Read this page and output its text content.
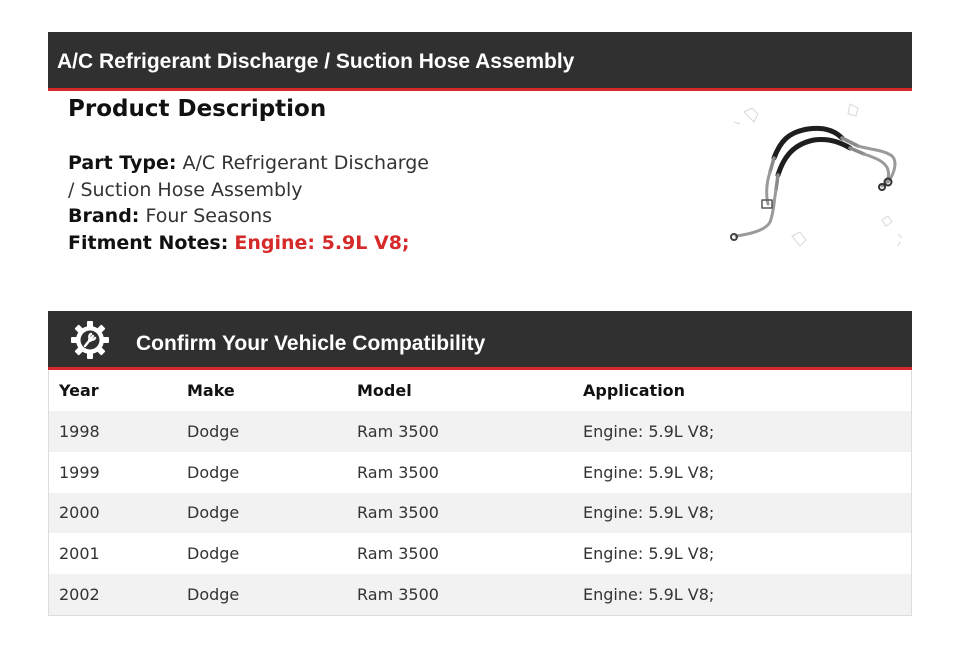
A/C Refrigerant Discharge / Suction Hose Assembly
Product Description
Part Type: A/C Refrigerant Discharge / Suction Hose Assembly
Brand: Four Seasons
Fitment Notes: Engine: 5.9L V8;
Confirm Your Vehicle Compatibility
Year	Make	Model	Application
1998	Dodge	Ram 3500	Engine: 5.9L V8;
1999	Dodge	Ram 3500	Engine: 5.9L V8;
2000	Dodge	Ram 3500	Engine: 5.9L V8;
2001	Dodge	Ram 3500	Engine: 5.9L V8;
2002	Dodge	Ram 3500	Engine: 5.9L V8;
